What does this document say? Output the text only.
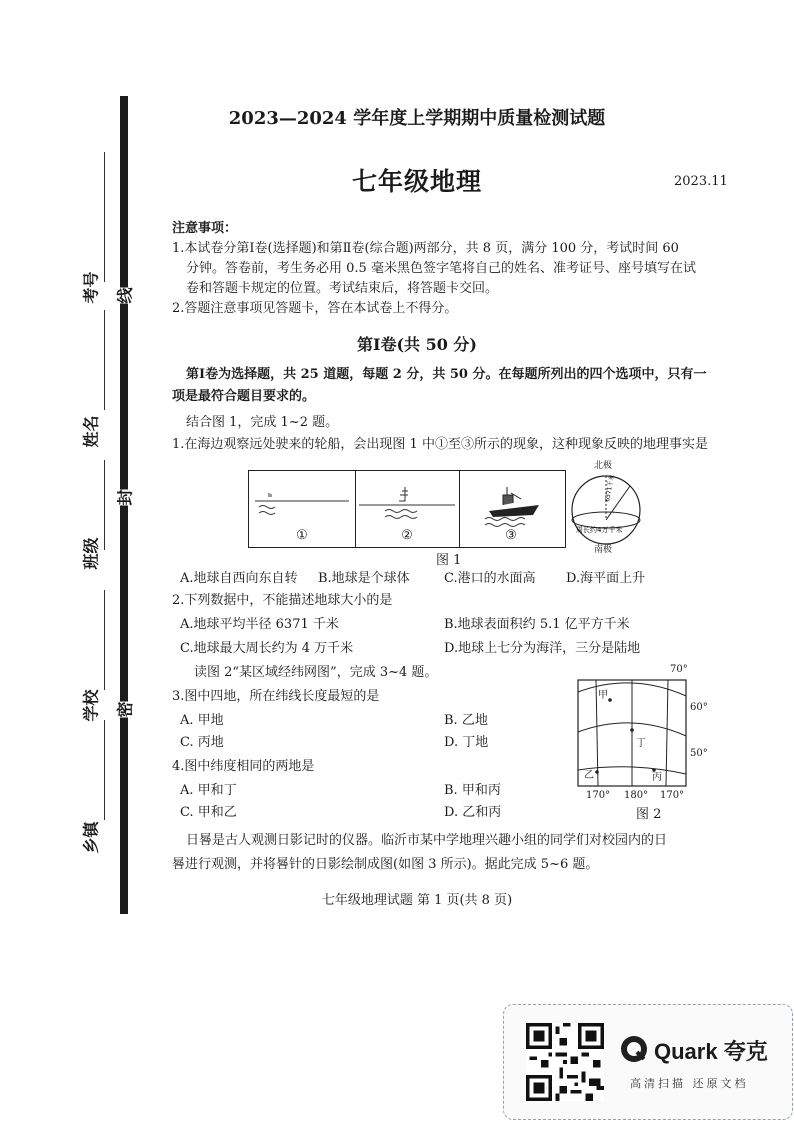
考号
姓名
班级
学校
乡镇
线
封
密
2023—2024 学年度上学期期中质量检测试题
七年级地理	2023.11
注意事项：
1.本试卷分第Ⅰ卷(选择题)和第Ⅱ卷(综合题)两部分，共 8 页，满分 100 分，考试时间 60
分钟。答卷前，考生务必用 0.5 毫米黑色签字笔将自己的姓名、准考证号、座号填写在试
卷和答题卡规定的位置。考试结束后，将答题卡交回。
2.答题注意事项见答题卡，答在本试卷上不得分。
第Ⅰ卷(共 50 分)
第Ⅰ卷为选择题，共 25 道题，每题 2 分，共 50 分。在每题所列出的四个选项中，只有一
项是最符合题目要求的。
结合图 1，完成 1~2 题。
1.在海边观察远处驶来的轮船，会出现图 1 中①至③所示的现象，这种现象反映的地理事实是
①	②	③
北极
6371千米
周长约4万千米
南极
图 1
A.地球自西向东自转 B.地球是个球体	C.港口的水面高 D.海平面上升
2.下列数据中，不能描述地球大小的是
A.地球平均半径 6371 千米	B.地球表面积约 5.1 亿平方千米
C.地球最大周长约为 4 万千米	D.地球上七分为海洋，三分是陆地
读图 2“某区域经纬网图”，完成 3~4 题。
3.图中四地，所在纬线长度最短的是
A. 甲地	B. 乙地
C. 丙地	D. 丁地
4.图中纬度相同的两地是
A. 甲和丁	B. 甲和丙
C. 甲和乙	D. 乙和丙
甲
乙	丙
丁
70°
60°
50°
170° 180° 170°
图 2
日晷是古人观测日影记时的仪器。临沂市某中学地理兴趣小组的同学们对校园内的日
晷进行观测，并将晷针的日影绘制成图(如图 3 所示)。据此完成 5~6 题。
七年级地理试题 第 1 页(共 8 页)
Quark 夸克
高清扫描 还原文档
